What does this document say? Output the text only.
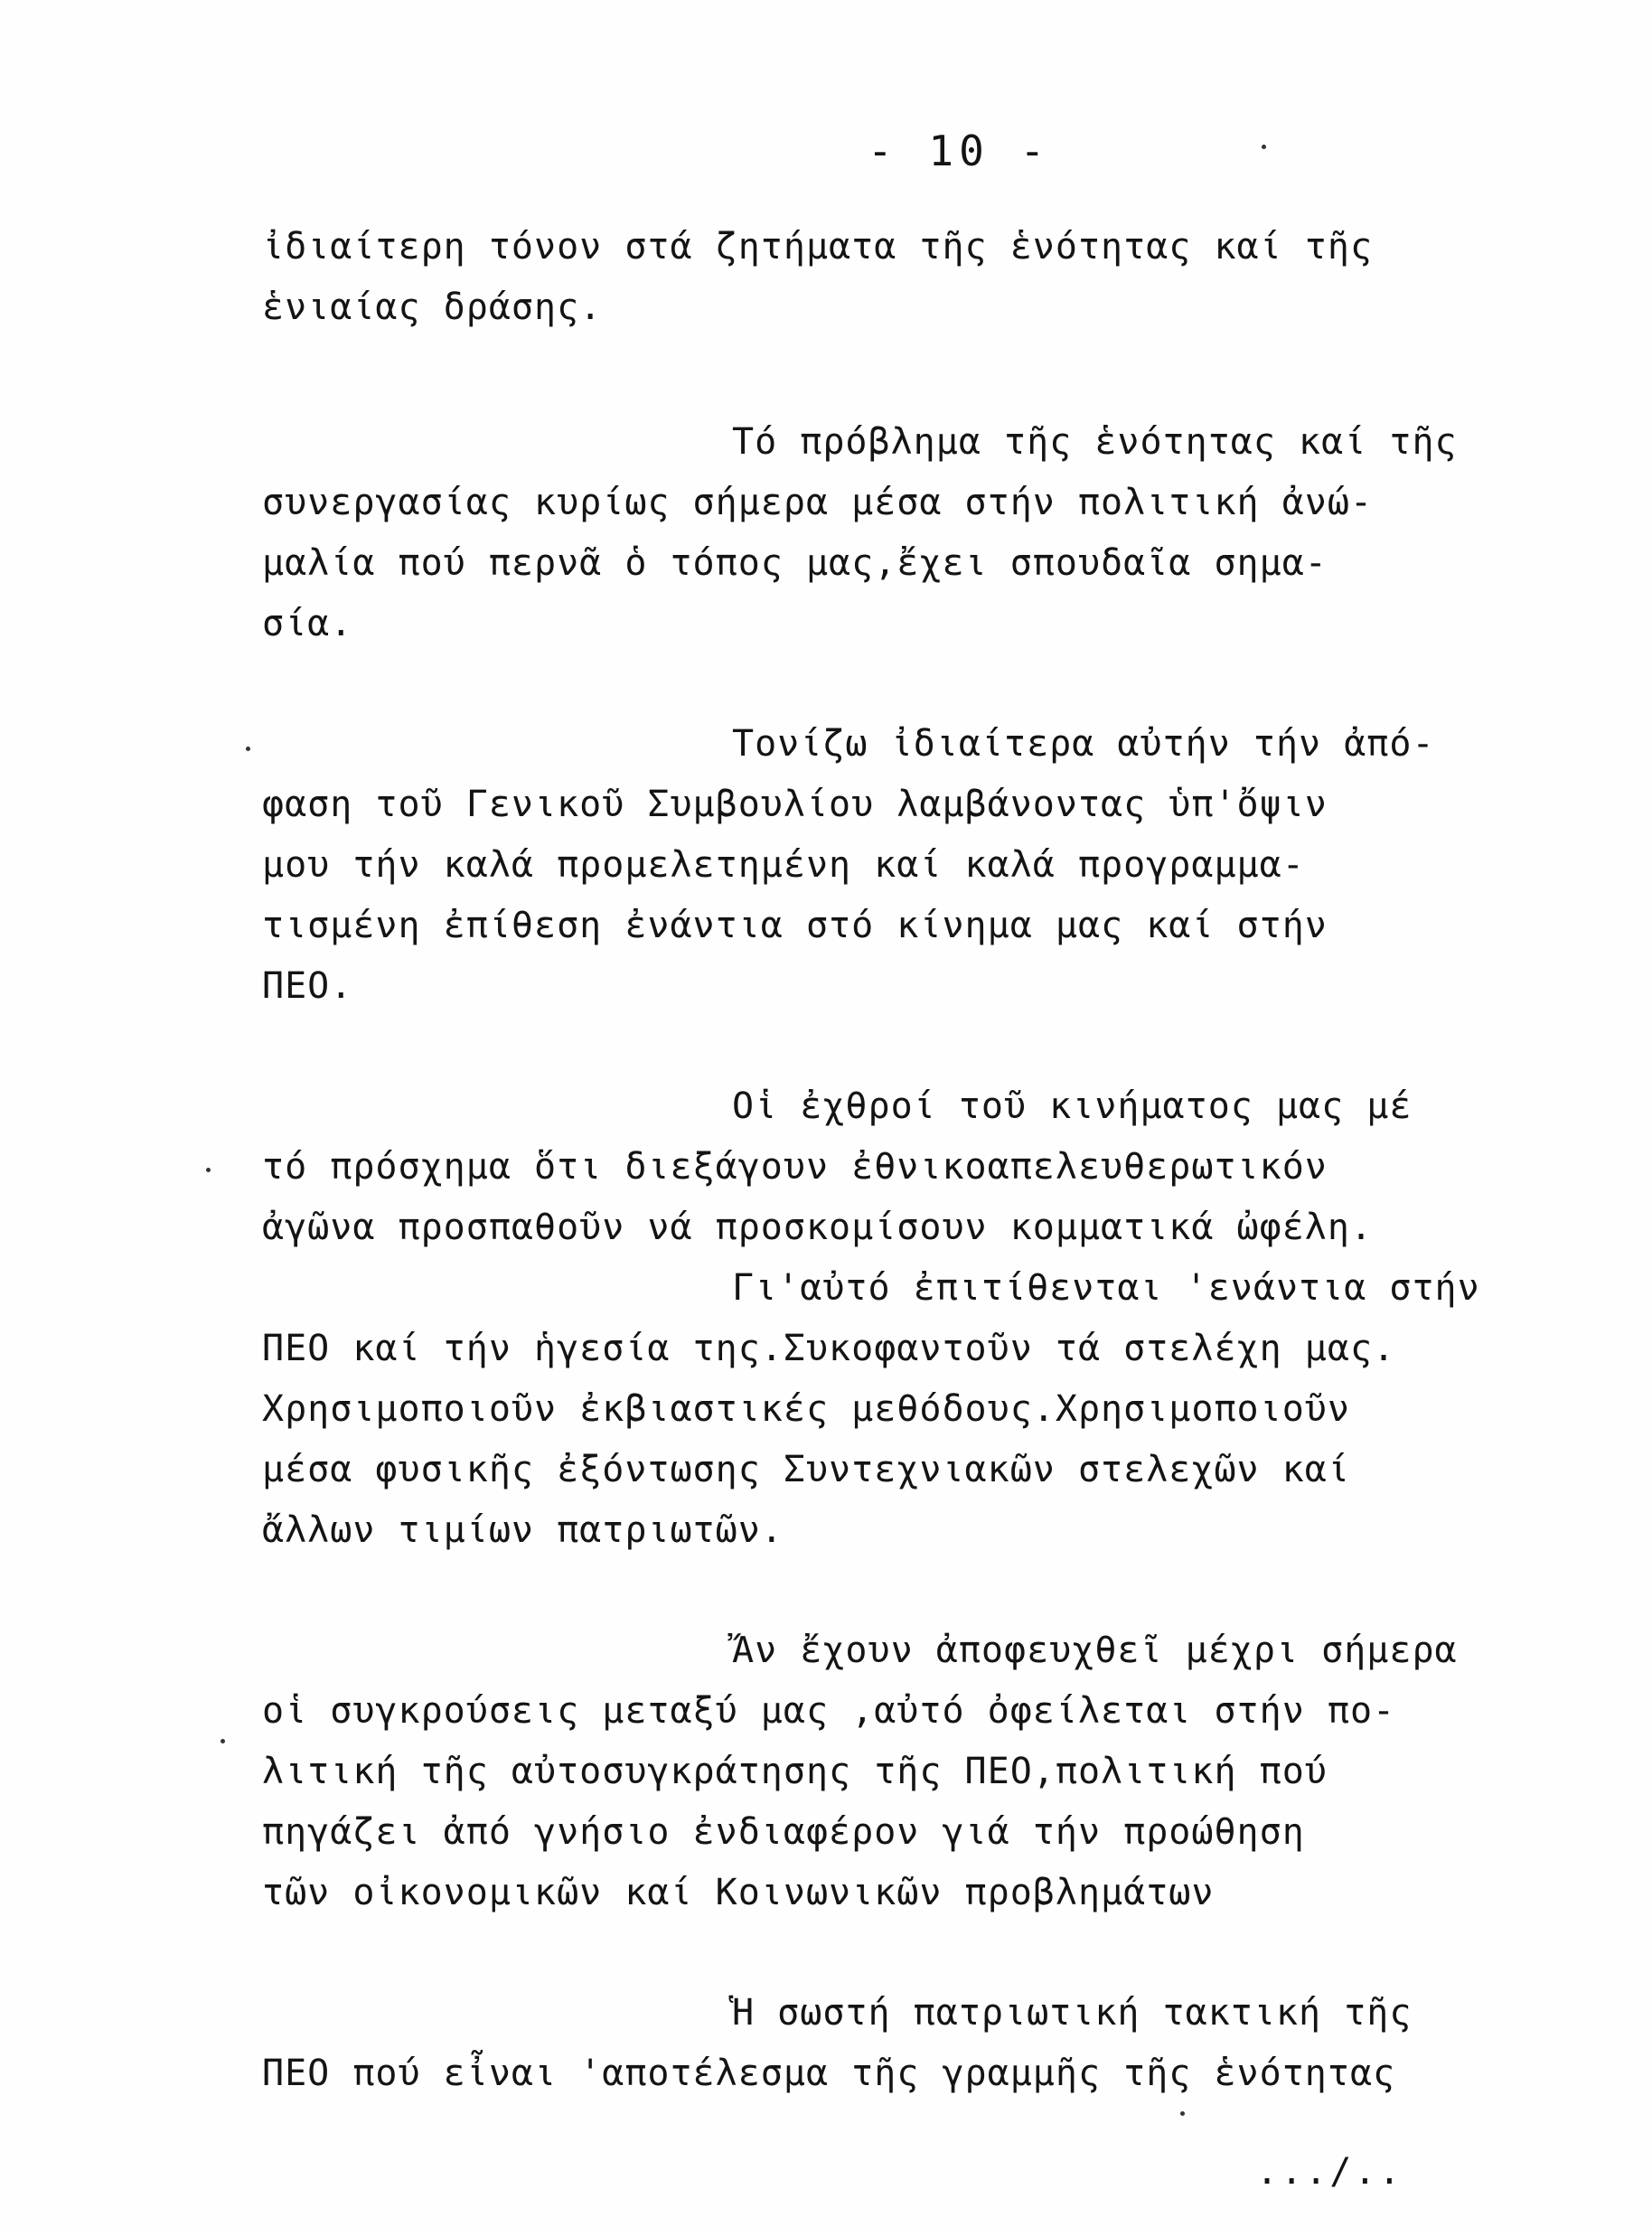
- 10 -
ἰδιαίτερη τόνον στά ζητήματα τῆς ἑνότητας καί τῆς
ἑνιαίας δράσης.
Τό πρόβλημα τῆς ἑνότητας καί τῆς
συνεργασίας κυρίως σήμερα μέσα στήν πολιτική ἀνώ-
μαλία πού περνᾶ ὁ τόπος μας,ἔχει σπουδαῖα σημα-
σία.
Τονίζω ἰδιαίτερα αὐτήν τήν ἀπό-
φαση τοῦ Γενικοῦ Συμβουλίου λαμβάνοντας ὑπ'ὄψιν
μου τήν καλά προμελετημένη καί καλά προγραμμα-
τισμένη ἐπίθεση ἐνάντια στό κίνημα μας καί στήν
ΠΕΟ.
Οἱ ἐχθροί τοῦ κινήματος μας μέ
τό πρόσχημα ὅτι διεξάγουν ἐθνικοαπελευθερωτικόν
ἀγῶνα προσπαθοῦν νά προσκομίσουν κομματικά ὠφέλη.
Γι'αὐτό ἐπιτίθενται 'ενάντια στήν
ΠΕΟ καί τήν ἡγεσία της.Συκοφαντοῦν τά στελέχη μας.
Χρησιμοποιοῦν ἐκβιαστικές μεθόδους.Χρησιμοποιοῦν
μέσα φυσικῆς ἐξόντωσης Συντεχνιακῶν στελεχῶν καί
ἄλλων τιμίων πατριωτῶν.
Ἄν ἔχουν ἀποφευχθεῖ μέχρι σήμερα
οἱ συγκρούσεις μεταξύ μας ,αὐτό ὀφείλεται στήν πο-
λιτική τῆς αὐτοσυγκράτησης τῆς ΠΕΟ,πολιτική πού
πηγάζει ἀπό γνήσιο ἐνδιαφέρον γιά τήν προώθηση
τῶν οἰκονομικῶν καί Κοινωνικῶν προβλημάτων
Ἡ σωστή πατριωτική τακτική τῆς
ΠΕΟ πού εἶναι 'αποτέλεσμα τῆς γραμμῆς τῆς ἑνότητας
.../..
